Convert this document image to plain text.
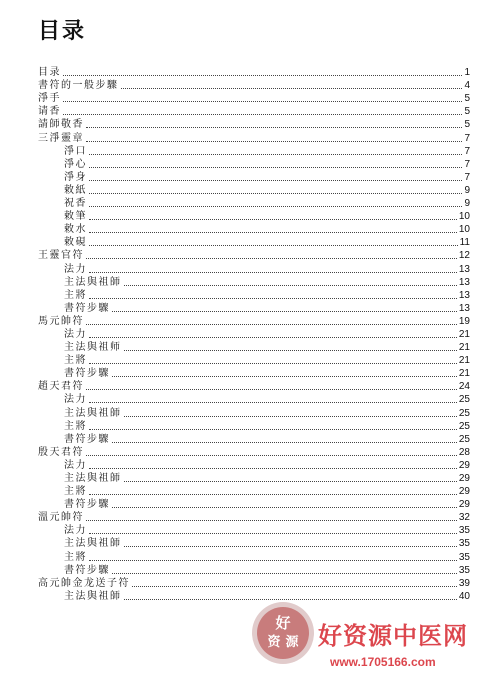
目录
目录	1
書符的一般步驟	4
淨手	5
请香	5
請師敬香	5
三淨靈章	7
淨口	7
淨心	7
淨身	7
敕紙	9
祝香	9
敕筆	10
敕水	10
敕硯	11
王靈官符	12
法力	13
主法與祖師	13
主將	13
書符步驟	13
馬元帥符	19
法力	21
主法與祖师	21
主將	21
書符步驟	21
趙天君符	24
法力	25
主法與祖師	25
主將	25
書符步驟	25
殷天君符	28
法力	29
主法與祖師	29
主將	29
書符步驟	29
溫元帥符	32
法力	35
主法與祖師	35
主將	35
書符步驟	35
高元帥金龙送子符	39
主法與祖師	40
好
资 源 好资源中医网
www.1705166.com
